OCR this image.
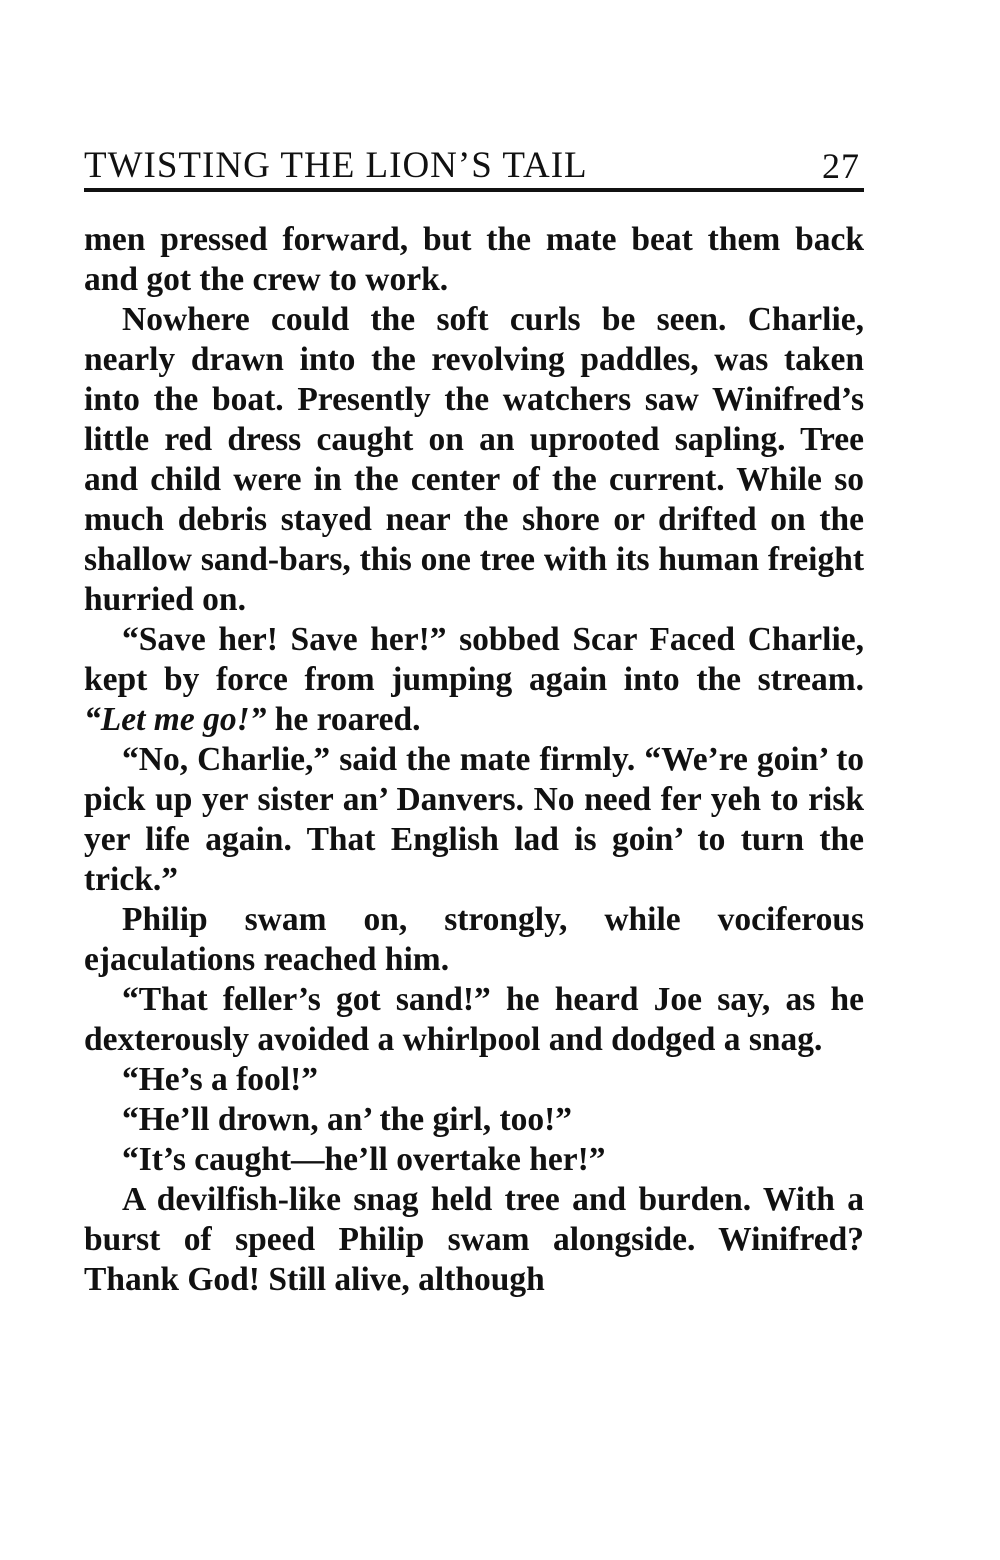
TWISTING THE LION’S TAIL	27

men pressed forward, but the mate beat them back and got the crew to work.

Nowhere could the soft curls be seen. Charlie, nearly drawn into the revolving paddles, was taken into the boat. Presently the watchers saw Winifred’s little red dress caught on an uprooted sapling. Tree and child were in the center of the current. While so much debris stayed near the shore or drifted on the shallow sand-bars, this one tree with its human freight hurried on.

“Save her! Save her!” sobbed Scar Faced Charlie, kept by force from jumping again into the stream. “Let me go!” he roared.

“No, Charlie,” said the mate firmly. “We’re goin’ to pick up yer sister an’ Danvers. No need fer yeh to risk yer life again. That English lad is goin’ to turn the trick.”

Philip swam on, strongly, while vociferous ejaculations reached him.

“That feller’s got sand!” he heard Joe say, as he dexterously avoided a whirlpool and dodged a snag.

“He’s a fool!”

“He’ll drown, an’ the girl, too!”

“It’s caught—he’ll overtake her!”

A devilfish-like snag held tree and burden. With a burst of speed Philip swam alongside. Winifred? Thank God! Still alive, although
